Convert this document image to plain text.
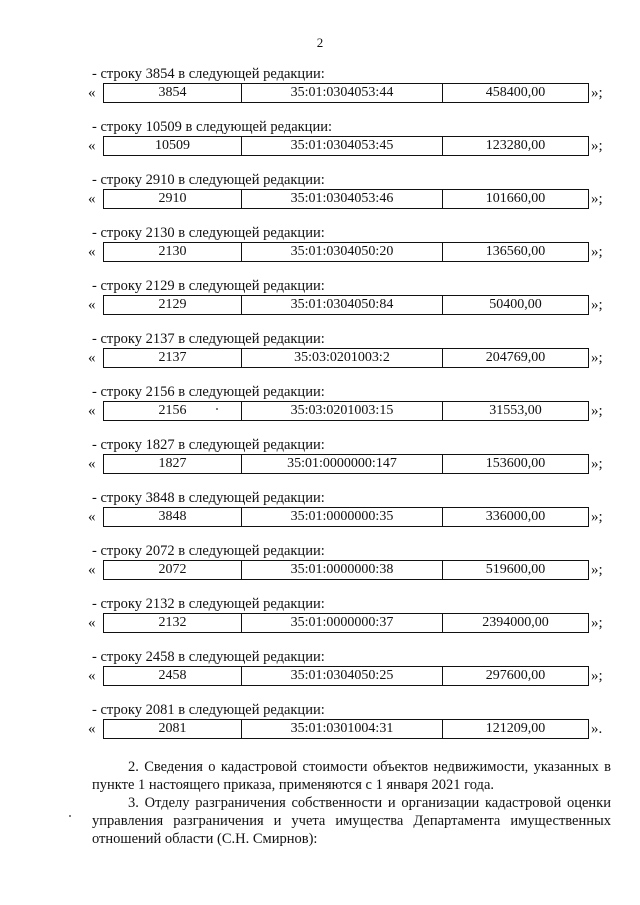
2
- строку 3854 в следующей редакции:
«	3854	35:01:0304053:44	458400,00	»;
- строку 10509 в следующей редакции:
«	10509	35:01:0304053:45	123280,00	»;
- строку 2910 в следующей редакции:
«	2910	35:01:0304053:46	101660,00	»;
- строку 2130 в следующей редакции:
«	2130	35:01:0304050:20	136560,00	»;
- строку 2129 в следующей редакции:
«	2129	35:01:0304050:84	50400,00	»;
- строку 2137 в следующей редакции:
«	2137	35:03:0201003:2	204769,00	»;
- строку 2156 в следующей редакции:
«	2156	35:03:0201003:15	31553,00	»;
- строку 1827 в следующей редакции:
«	1827	35:01:0000000:147	153600,00	»;
- строку 3848 в следующей редакции:
«	3848	35:01:0000000:35	336000,00	»;
- строку 2072 в следующей редакции:
«	2072	35:01:0000000:38	519600,00	»;
- строку 2132 в следующей редакции:
«	2132	35:01:0000000:37	2394000,00	»;
- строку 2458 в следующей редакции:
«	2458	35:01:0304050:25	297600,00	»;
- строку 2081 в следующей редакции:
«	2081	35:01:0301004:31	121209,00	».
2. Сведения о кадастровой стоимости объектов недвижимости, указанных в пункте 1 настоящего приказа, применяются с 1 января 2021 года.
3. Отделу разграничения собственности и организации кадастровой оценки управления разграничения и учета имущества Департамента имущественных отношений области (С.Н. Смирнов):
